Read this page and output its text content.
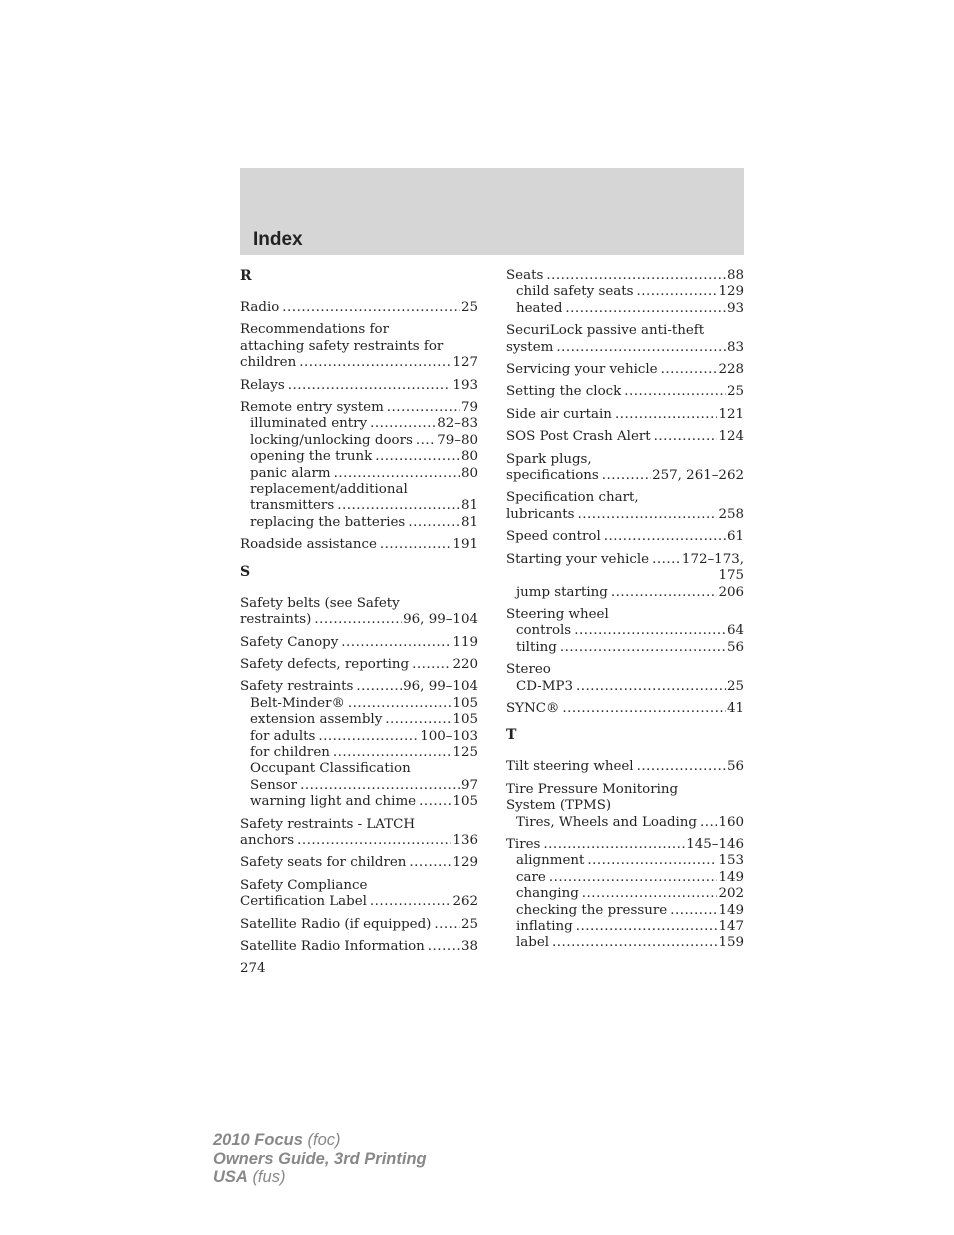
Index
R
Radio .....	25
Recommendations for
attaching safety restraints for
children .....	127
Relays .....	193
Remote entry system .....	79
illuminated entry .....	82–83
locking/unlocking doors ..... 79–80
opening the trunk .....	80
panic alarm .....	80
replacement/additional
transmitters .....	81
replacing the batteries .....	81
Roadside assistance .....	191
S
Safety belts (see Safety
restraints) .....	96, 99–104
Safety Canopy .....	119
Safety defects, reporting .....	220
Safety restraints .....	96, 99–104
Belt-Minder® .....	105
extension assembly .....	105
for adults .....	100–103
for children .....	125
Occupant Classification
Sensor .....	97
warning light and chime .....	105
Safety restraints - LATCH
anchors .....	136
Safety seats for children .....	129
Safety Compliance
Certification Label .....	262
Satellite Radio (if equipped) ..... 25
Satellite Radio Information .....	38
Seats .....	88
child safety seats .....	129
heated .....	93
SecuriLock passive anti-theft
system .....	83
Servicing your vehicle .....	228
Setting the clock .....	25
Side air curtain .....	121
SOS Post Crash Alert .....	124
Spark plugs,
specifications .....	257, 261–262
Specification chart,
lubricants .....	258
Speed control .....	61
Starting your vehicle ..... 172–173,
175
jump starting .....	206
Steering wheel
controls .....	64
tilting .....	56
Stereo
CD-MP3 .....	25
SYNC® .....	41
T
Tilt steering wheel .....	56
Tire Pressure Monitoring
System (TPMS)
Tires, Wheels and Loading ..... 160
Tires .....	145–146
alignment .....	153
care .....	149
changing .....	202
checking the pressure .....	149
inflating .....	147
label .....	159
274
2010 Focus (foc)
Owners Guide, 3rd Printing
USA (fus)
